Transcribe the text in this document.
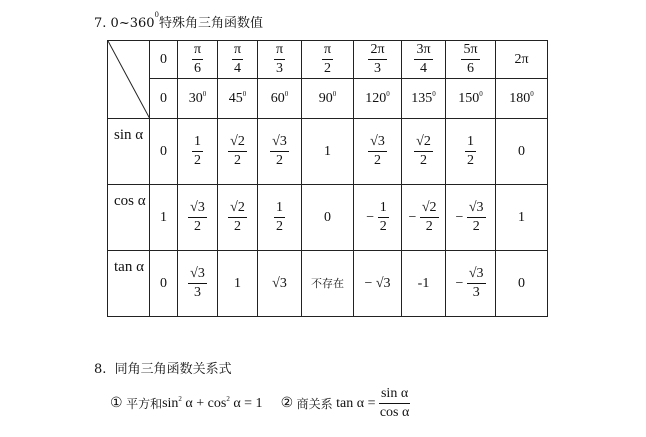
7. $0\sim 360^0$特殊角三角函数值
	0	$\frac{\pi}{6}$	$\frac{\pi}{4}$	$\frac{\pi}{3}$	$\frac{\pi}{2}$	$\frac{2\pi}{3}$	$\frac{3\pi}{4}$	$\frac{5\pi}{6}$	2π
	0	$30^0$	$45^0$	$60^0$	$90^0$	$120^0$	$135^0$	$150^0$	$180^0$
sin α	0	$\frac{1}{2}$	$\frac{√2}{2}$	$\frac{√3}{2}$	1	$\frac{√3}{2}$	$\frac{√2}{2}$	$\frac{1}{2}$	0
cos α	1	$\frac{√3}{2}$	$\frac{√2}{2}$	$\frac{1}{2}$	0	− $\frac{1}{2}$	− $\frac{√2}{2}$	− $\frac{√3}{2}$	1
tan α	0	$\frac{√3}{3}$	1	√3	不存在	− √3	-1	− $\frac{√3}{3}$	0
8. 同角三角函数关系式
①
平方和 $\sin^2 \alpha + \cos^2 \alpha = 1$ ②
商关系
tan α =
$\frac{\text{sin α}}{\text{cos α}}$
